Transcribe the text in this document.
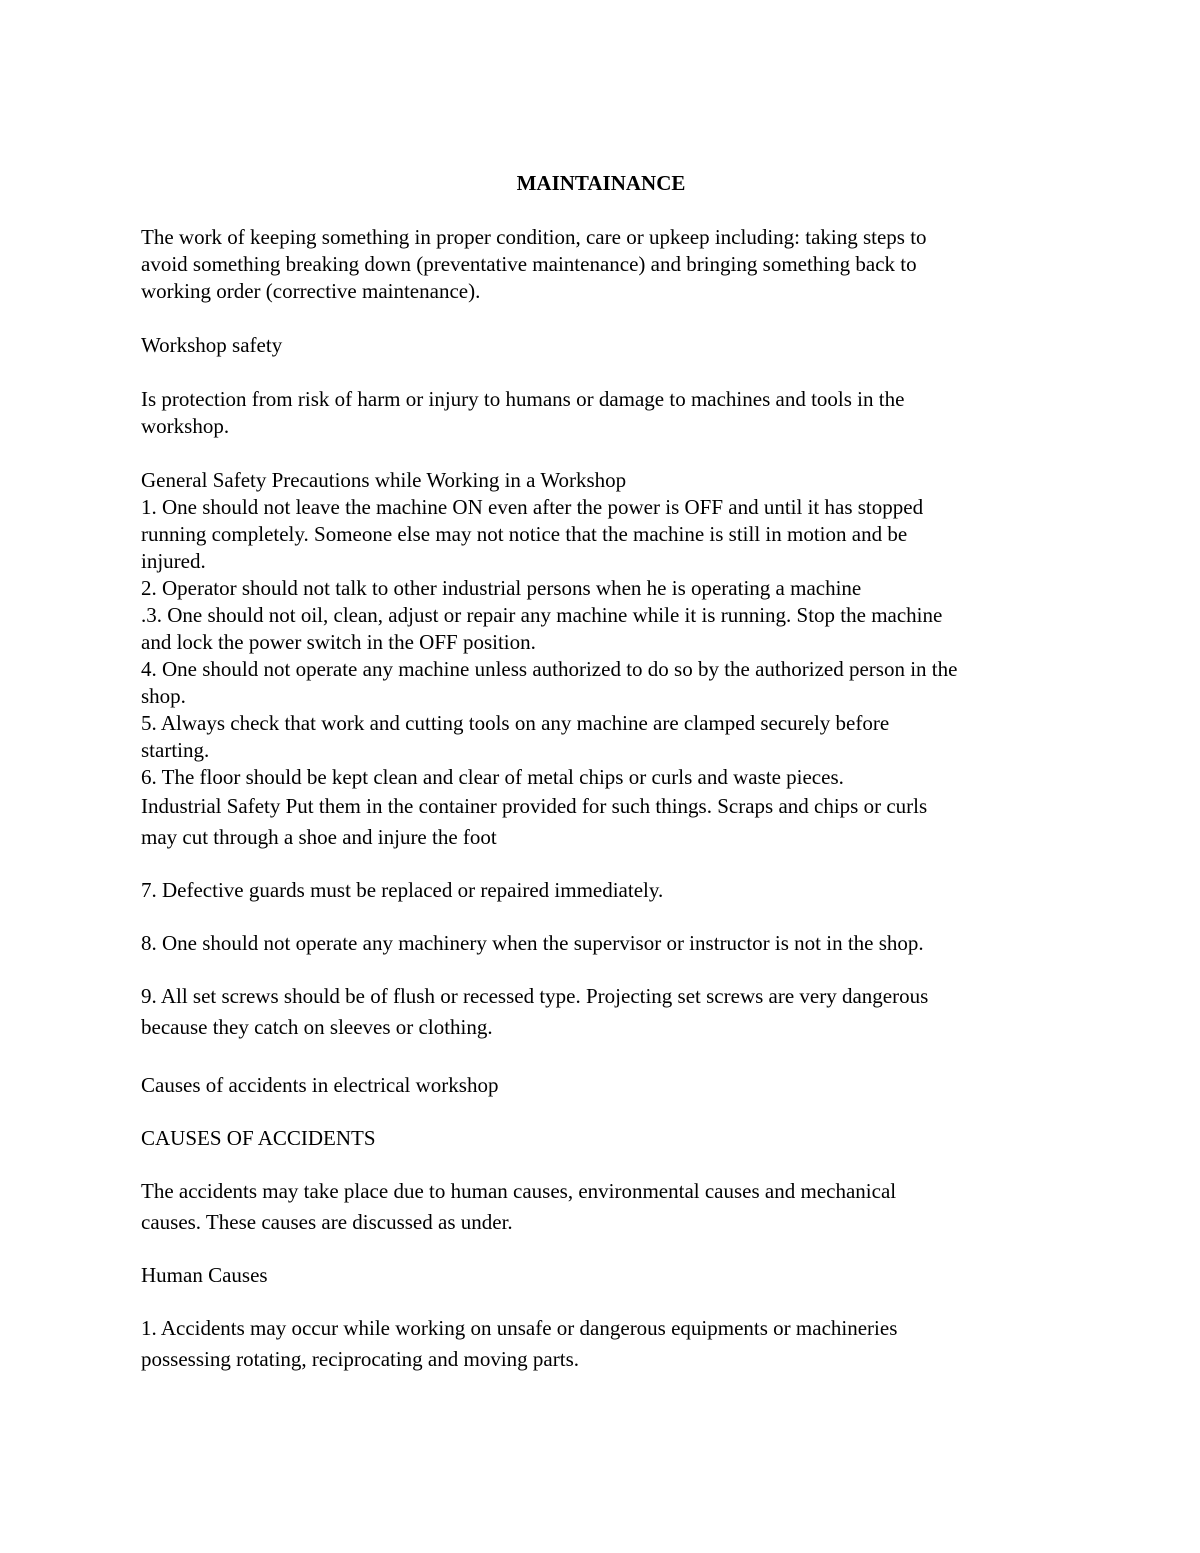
MAINTAINANCE

The work of keeping something in proper condition, care or upkeep including: taking steps to
avoid something breaking down (preventative maintenance) and bringing something back to
working order (corrective maintenance).

Workshop safety

Is protection from risk of harm or injury to humans or damage to machines and tools in the
workshop.

General Safety Precautions while Working in a Workshop

1. One should not leave the machine ON even after the power is OFF and until it has stopped
running completely. Someone else may not notice that the machine is still in motion and be
injured.

2. Operator should not talk to other industrial persons when he is operating a machine

.3. One should not oil, clean, adjust or repair any machine while it is running. Stop the machine
and lock the power switch in the OFF position.

4. One should not operate any machine unless authorized to do so by the authorized person in the
shop.

5. Always check that work and cutting tools on any machine are clamped securely before
starting.

6. The floor should be kept clean and clear of metal chips or curls and waste pieces.

Industrial Safety Put them in the container provided for such things. Scraps and chips or curls
may cut through a shoe and injure the foot

7. Defective guards must be replaced or repaired immediately.

8. One should not operate any machinery when the supervisor or instructor is not in the shop.

9. All set screws should be of flush or recessed type. Projecting set screws are very dangerous
because they catch on sleeves or clothing.

Causes of accidents in electrical workshop

CAUSES OF ACCIDENTS

The accidents may take place due to human causes, environmental causes and mechanical
causes. These causes are discussed as under.

Human Causes

1. Accidents may occur while working on unsafe or dangerous equipments or machineries
possessing rotating, reciprocating and moving parts.
